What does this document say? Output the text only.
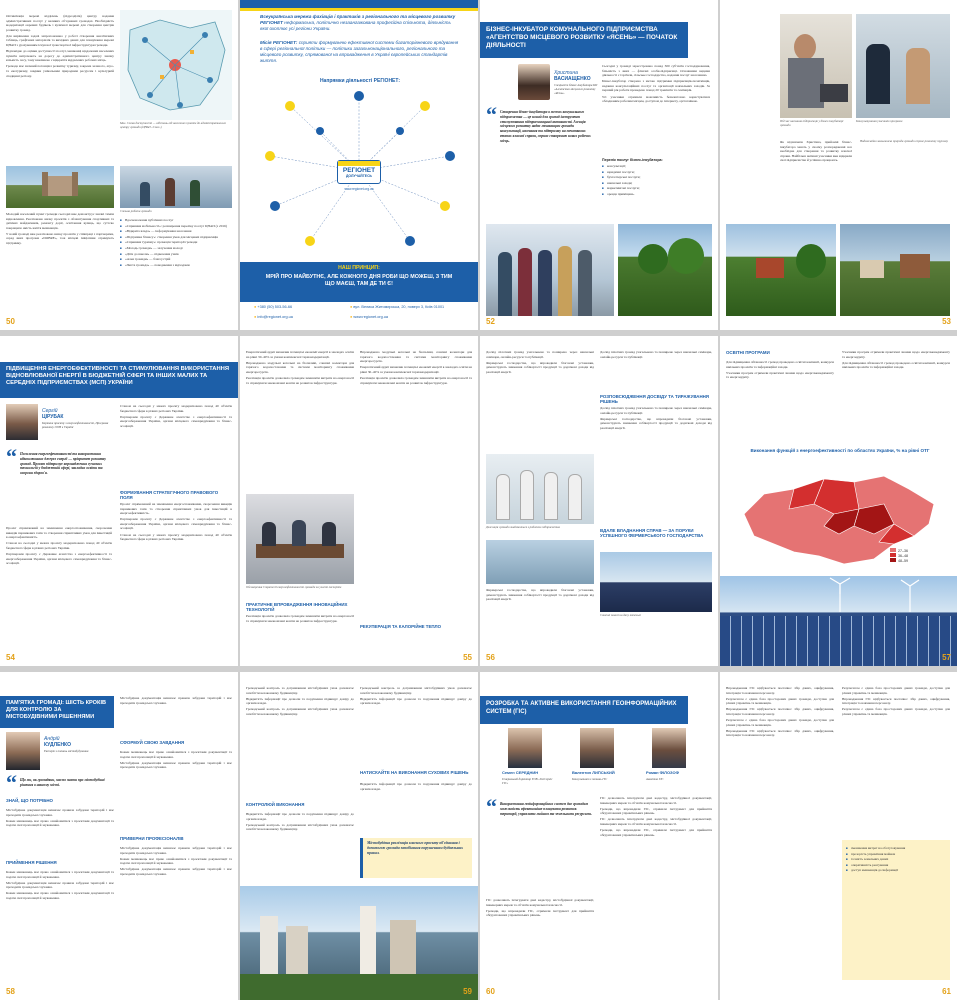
Оптимізація мережі відділень (підрозділів) центру надання адміністративних послуг у великих об'єднаних громадах. Необхідність модернізації окремих будівель і вуличної мережі для створення центрів розвитку громад.

Для вирішення задачі запропоновано у роботі створення аналітичних таблиць, графічних матеріалів та вихідних даних для планування мережі ЦНАП з урахуванням існуючої транспортної інфраструктури громади.

Відповідно до оцінки доступності послуг, мешканці віддалених населених пунктів витрачають на дорогу до адміністративного центру значну кількість часу, тому важливою є відкриття віддалених робочих місць.

Громада має значний потенціал розвитку туризму, зокрема зеленого, агро- та екотуризму, завдяки унікальним природним ресурсам і культурній спадщині регіону.

Мал. Схема доступності — відстань від населених пунктів до адміністративного центру громади (ЦНАП «Спас»)
Спільна робота громади

Молодий населений пункт громади сьогодні вже демонструє значні темпи відновлення. Реалізовано низку проєктів з облаштування спортивних та дитячих майданчиків, ремонту доріг, освітлення вулиць, що суттєво покращило якість життя мешканців.

У новій громаді вже реалізовано низку проєктів у співпраці з партнерами, серед яких програма «DOBRE», тож місцеві ініціативи отримують підтримку.

■ Вдосконалення публічних послуг
■ «Сприяння мобільності»: розширення переліку послуг ЦНАП (з 2016)
■ «Відкрита влада» — інформування населення
■ «Підтримка бізнесу»: створення умов для місцевих підприємців
■ «Сприяння туризму»: промоція території громади
■ «Молодь громади» — залучення молоді
■ «Діти до школи» — підвезення учнів
■ «Алея громади» — благоустрій
■ «Чиста громада» — поводження з відходами
50
Всеукраїнська мережа фахівців і практиків з регіонального та місцевого розвитку РЕГІОНЕТ неформальна, політично незаангажована професійна спільнота, діяльність якої охоплює усі регіони України.
Місія РЕГІОНЕТ: сприяти формуванню ефективної системи багаторівневого врядування в сфері регіональної політики — політики загальнонаціонального, регіонального та місцевого розвитку, спрямованої на впровадження в Україні європейських стандартів життя.
Напрямки діяльності РЕГІОНЕТ:
РЕГІОНЕТ
ДОЛУЧАЙТЕСЬ
www.regionet.org.ua
НАШ ПРИНЦИП:
МРІЙ ПРО МАЙБУТНЄ, АЛЕ КОЖНОГО ДНЯ РОБИ ЩО МОЖЕШ, З ТИМ ЩО МАЄШ, ТАМ ДЕ ТИ Є!
● +380 (50) 503-56-66	● вул. Велика Житомирська, 20, поверх 3, Київ 01001
● info@regionet.org.ua	● www.regionet.org.ua
БІЗНЕС-ІНКУБАТОР КОМУНАЛЬНОГО ПІДПРИЄМСТВА «АГЕНТСТВО МІСЦЕВОГО РОЗВИТКУ «ЯСЕНЬ» — ПОЧАТОК ДІЯЛЬНОСТІ
Христина
ВАСИАЩЕНКО
Спеціаліст бізнес-інкубатора КП «Агентство місцевого розвитку «Ясень»
“ Створення бізнес-інкубатора в межах комунального підприємства — це новий для громад інструмент стимулювання підприємницької активності. Агенція місцевого розвитку надає мешканцям громади консультації, навчання та підтримку на початкових етапах власної справи, сприяє створенню нових робочих місць.

Сьогодні у громаді зареєстровано понад 300 суб'єктів господарювання, більшість з яких — фізичні особи-підприємці. Основними видами діяльності є торгівля, сільське господарство, надання послуг населенню.

Бізнес-інкубатор створено з метою підтримки підприємців-початківців, надання консультаційних послуг та організації навчальних заходів. За перший рік роботи проведено понад 20 тренінгів та семінарів.

Усі учасники отримали можливість безкоштовно користуватися обладнаним робочим місцем, доступом до інтернету, оргтехнікою.

Перелік послуг бізнес-інкубатора:
■ консультації;
■ юридичні послуги;
■ бухгалтерські послуги;
■ навчальні заходи;
■ маркетингові послуги;
■ оренда приміщень.
52
Під час навчання підприємців у бізнес-інкубаторі громади
Консультування учасників програми
Як відзначила Христина, прийомні бізнес-інкубатора мають у своєму розпорядженні все необхідне для створення та розвитку власної справи. Найбільш активні учасники вже відкрили свої підприємства й успішно працюють.
Надзвичайно мальовнича природа громади сприяє розвитку туризму
53
ПІДВИЩЕННЯ ЕНЕРГОЕФЕКТИВНОСТІ ТА СТИМУЛЮВАННЯ ВИКОРИСТАННЯ ВІДНОВЛЮВАНОЇ ЕНЕРГІЇ В БЮДЖЕТНІЙ СФЕРІ ТА ІНШИХ МАЛИХ ТА СЕРЕДНІХ ПІДПРИЄМСТВАХ (МСП) УКРАЇНИ
Сергій
ЦІРУБАК
Керівник проєкту з енергоефективності, Програма розвитку ООН в Україні
“ Посилення енергоефективності та використання відновлюваних джерел енергії — пріоритет розвитку громад. Проєкт підтримує впровадження сучасних технологій у бюджетній сфері, закладах освіти та охорони здоров'я.

Проєкт спрямований на зменшення енергоспоживання, скорочення викидів парникових газів та створення сприятливих умов для інвестицій в енергоефективність.

Станом на сьогодні у межах проєкту модернізовано понад 40 об'єктів бюджетної сфери в різних регіонах України.

Партнерами проєкту є Державне агентство з енергоефективності та енергозбереження України, органи місцевого самоврядування та бізнес-асоціації.

Станом на сьогодні у межах проєкту модернізовано понад 40 об'єктів бюджетної сфери в різних регіонах України.

Партнерами проєкту є Державне агентство з енергоефективності та енергозбереження України, органи місцевого самоврядування та бізнес-асоціації.

ФОРМУВАННЯ СТРАТЕГІЧНОГО ПРАВОВОГО ПОЛЯ

Проєкт спрямований на зменшення енергоспоживання, скорочення викидів парникових газів та створення сприятливих умов для інвестицій в енергоефективність.

Партнерами проєкту є Державне агентство з енергоефективності та енергозбереження України, органи місцевого самоврядування та бізнес-асоціації.

Станом на сьогодні у межах проєкту модернізовано понад 40 об'єктів бюджетної сфери в різних регіонах України.

54

Енергетичний аудит визначив потенціал економії енергії в закладах освіти на рівні 30–40% за умови комплексної термомодернізації.

Впроваджено модульні котельні на біопаливі, сонячні колектори для гарячого водопостачання та системи моніторингу споживання енергоресурсів.

Реалізація проєктів дозволила громадам зменшити витрати на енергоносії та спрямувати зекономлені кошти на розвиток інфраструктури.

Обговорення Стратегії енергоефективності громади за участі експертів
ПРАКТИЧНЕ ВПРОВАДЖЕННЯ ІННОВАЦІЙНИХ ТЕХНОЛОГІЙ

Реалізація проєктів дозволила громадам зменшити витрати на енергоносії та спрямувати зекономлені кошти на розвиток інфраструктури.

Впроваджено модульні котельні на біопаливі, сонячні колектори для гарячого водопостачання та системи моніторингу споживання енергоресурсів.

Енергетичний аудит визначив потенціал економії енергії в закладах освіти на рівні 30–40% за умови комплексної термомодернізації.

Реалізація проєктів дозволила громадам зменшити витрати на енергоносії та спрямувати зекономлені кошти на розвиток інфраструктури.

РЕКУПЕРАЦІЯ ТА КАЛОРІЙНЕ ТЕПЛО
55

Досвід пілотних громад узагальнено та поширено через навчальні семінари, онлайн-ресурси та публікації.

Фермерські господарства, що впровадили біогазові установки, демонструють зниження собівартості продукції та додаткові доходи від реалізації енергії.

Делегація громади знайомиться з роботою підприємства

Фермерські господарства, що впровадили біогазові установки, демонструють зниження собівартості продукції та додаткові доходи від реалізації енергії.

Досвід пілотних громад узагальнено та поширено через навчальні семінари, онлайн-ресурси та публікації.

РОЗПОВСЮДЖЕННЯ ДОСВІДУ ТА ТИРАЖУВАННЯ РІШЕНЬ

Досвід пілотних громад узагальнено та поширено через навчальні семінари, онлайн-ресурси та публікації.

Фермерські господарства, що впровадили біогазові установки, демонструють зниження собівартості продукції та додаткові доходи від реалізації енергії.

ВДАЛЕ ВЛАДНАННЯ СПРАВ — ЗА ПОРУКИ УСПІШНОГО ФЕРМЕРСЬКОГО ГОСПОДАРСТВА
Сонячні панелі на даху котельні
56
ОСВІТНІ ПРОГРАМИ

Для підвищення обізнаності громад проведено освітні кампанії, конкурси шкільних проєктів та інформаційні заходи.

Учасники програм отримали практичні знання щодо енергоменеджменту та енергоаудиту.

Учасники програм отримали практичні знання щодо енергоменеджменту та енергоаудиту.

Для підвищення обізнаності громад проведено освітні кампанії, конкурси шкільних проєктів та інформаційні заходи.

Виконання функцій з енергоефективності по областях України, % на рівні ОТГ
27–36
36–48
48–59
57
ПАМ'ЯТКА ГРОМАДІ: ШІСТЬ КРОКІВ ДЛЯ КОНТРОЛЮ ЗА МІСТОБУДІВНИМИ РІШЕННЯМИ
Андрій
КУДЛЕНКО
Експерт з питань містобудування
“ Що ми, як громадяни, маємо знати про містобудівні рішення в нашому місті.
ЗНАЙ, ЩО ПОТРІБНО

Містобудівна документація визначає правила забудови територій і має проходити громадські слухання.

Кожен мешканець має право ознайомитися з проєктами документації та подати свої пропозиції й зауваження.

ПРИЙМЕННЯ РІШЕННЯ

Кожен мешканець має право ознайомитися з проєктами документації та подати свої пропозиції й зауваження.

Містобудівна документація визначає правила забудови територій і має проходити громадські слухання.

Кожен мешканець має право ознайомитися з проєктами документації та подати свої пропозиції й зауваження.

Містобудівна документація визначає правила забудови територій і має проходити громадські слухання.

СФОРМУЙ СВОЮ ЗАВДАННЯ

Кожен мешканець має право ознайомитися з проєктами документації та подати свої пропозиції й зауваження.

Містобудівна документація визначає правила забудови територій і має проходити громадські слухання.

ПРИВЕРНИ ПРОФЕСІОНАЛІВ

Містобудівна документація визначає правила забудови територій і має проходити громадські слухання.

Кожен мешканець має право ознайомитися з проєктами документації та подати свої пропозиції й зауваження.

Містобудівна документація визначає правила забудови територій і має проходити громадські слухання.

58

Громадський контроль за дотриманням містобудівних умов допомагає запобігти незаконному будівництву.

Відкритість інформації про дозволи та порушення підвищує довіру до органів влади.

Громадський контроль за дотриманням містобудівних умов допомагає запобігти незаконному будівництву.

КОНТРОЛЮЙ ВИКОНАННЯ

Відкритість інформації про дозволи та порушення підвищує довіру до органів влади.

Громадський контроль за дотриманням містобудівних умов допомагає запобігти незаконному будівництву.

Громадський контроль за дотриманням містобудівних умов допомагає запобігти незаконному будівництву.

Відкритість інформації про дозволи та порушення підвищує довіру до органів влади.

НАТИСКАЙТЕ НА ВИКОНАННЯ СУХОВИХ РІШЕНЬ

Відкритість інформації про дозволи та порушення підвищує довіру до органів влади.

Містобудівна реалізація власного проєкту об'єднання і допомогою громади запобігання порушенням будівельних правил.
59
РОЗРОБКА ТА АКТИВНЕ ВИКОРИСТАННЯ ГЕОІНФОРМАЦІЙНИХ СИСТЕМ (ГІС)
Семен СЕРЕДНИН	Валентин ЛИПСЬКИЙ	Роман ФІЛОЗОФ
Генеральний директор ТОВ «ГеоСервіс ГІС»
Консультант з питань ГІС	Аналітик ГІС
“ Використання геоінформаційних систем дає громадам можливість ефективніше планувати розвиток території, управляти майном та земельними ресурсами.

ГІС дозволяють інтегрувати дані кадастру, містобудівної документації, інженерних мереж та об'єктів комунальної власності.

Громади, що впровадили ГІС, отримали інструмент для прийняття обґрунтованих управлінських рішень.

ГІС дозволяють інтегрувати дані кадастру, містобудівної документації, інженерних мереж та об'єктів комунальної власності.

Громади, що впровадили ГІС, отримали інструмент для прийняття обґрунтованих управлінських рішень.

ГІС дозволяють інтегрувати дані кадастру, містобудівної документації, інженерних мереж та об'єктів комунальної власності.

Громади, що впровадили ГІС, отримали інструмент для прийняття обґрунтованих управлінських рішень.

60

Впровадження ГІС відбувається поетапно: збір даних, оцифрування, інтеграція та навчання персоналу.

Результатом є єдина база просторових даних громади, доступна для різних управлінь та мешканців.

Впровадження ГІС відбувається поетапно: збір даних, оцифрування, інтеграція та навчання персоналу.

Результатом є єдина база просторових даних громади, доступна для різних управлінь та мешканців.

Впровадження ГІС відбувається поетапно: збір даних, оцифрування, інтеграція та навчання персоналу.

Результатом є єдина база просторових даних громади, доступна для різних управлінь та мешканців.

Впровадження ГІС відбувається поетапно: збір даних, оцифрування, інтеграція та навчання персоналу.

Результатом є єдина база просторових даних громади, доступна для різних управлінь та мешканців.

■ зменшення витрат на обслуговування
■ прозорість управління майном
■ точність земельних даних
■ оперативність реагування
■ доступ мешканців до інформації
61
